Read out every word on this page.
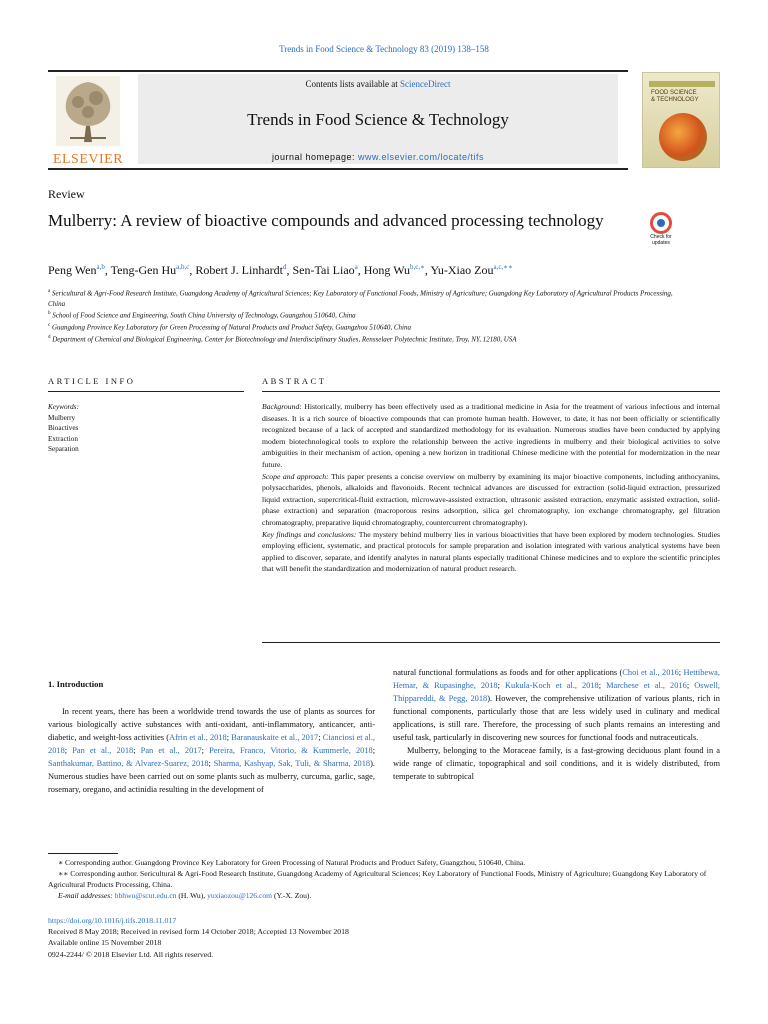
Trends in Food Science & Technology 83 (2019) 138–158
ELSEVIER
Contents lists available at ScienceDirect
Trends in Food Science & Technology
journal homepage: www.elsevier.com/locate/tifs
FOOD SCIENCE
& TECHNOLOGY
Review
Mulberry: A review of bioactive compounds and advanced processing technology
Check for
updates
Peng Wen$^{a,b}$, Teng-Gen Hu$^{a,b,c}$, Robert J. Linhardt$^d$, Sen-Tai Liao$^a$, Hong $Wu^{b,c,∗}$, Yu-Xiao Zou$^{a,c,∗∗}$
$^a$ Sericultural & Agri-Food Research Institute, Guangdong Academy of Agricultural Sciences; Key Laboratory of Functional Foods, Ministry of Agriculture; Guangdong Key Laboratory of Agricultural Products Processing, China
$^b$ School of Food Science and Engineering, South China University of Technology, Guangzhou 510640, China
$^c$ Guangdong Province Key Laboratory for Green Processing of Natural Products and Product Safety, Guangzhou 510640, China
$^d$ Department of Chemical and Biological Engineering, Center for Biotechnology and Interdisciplinary Studies, Rensselaer Polytechnic Institute, Troy, NY, 12180, USA
ARTICLE INFO	ABSTRACT
Keywords:
Mulberry
Bioactives
Extraction
Separation

Background: Historically, mulberry has been effectively used as a traditional medicine in Asia for the treatment of various infectious and internal diseases. It is a rich source of bioactive compounds that can promote human health. However, to date, it has not been officially or scientifically recognized because of a lack of accepted and standardized methodology for its evaluation. Numerous studies have been conducted by applying modern biotechnological tools to explore the relationship between the active ingredients in mulberry and their biological activities to solve ambiguities in their mechanism of action, opening a new horizon in traditional Chinese medicine with the potential for modernization in the near future.

Scope and approach: This paper presents a concise overview on mulberry by examining its major bioactive components, including anthocyanins, polysaccharides, phenols, alkaloids and flavonoids. Recent technical advances are discussed for extraction (solid-liquid extraction, pressurized liquid extraction, supercritical-fluid extraction, microwave-assisted extraction, ultrasonic assisted extraction, enzymatic assisted extraction, solid-phase extraction) and separation (macroporous resins adsorption, silica gel chromatography, ion exchange chromatography, gel filtration chromatography, preparative liquid chromatography, countercurrent chromatography).

Key findings and conclusions: The mystery behind mulberry lies in various bioactivities that have been explored by modern technologies. Studies employing efficient, systematic, and practical protocols for sample preparation and isolation integrated with various analytical systems have been applied to discover, separate, and identify analytes in natural plants especially traditional Chinese medicines and to explore the scientific principles that will benefit the standardization and modernization of natural product research.

1. Introduction

In recent years, there has been a worldwide trend towards the use of plants as sources for various biologically active substances with anti-oxidant, anti-inflammatory, anticancer, anti-diabetic, and weight-loss activities (Afrin et al., 2018; Baranauskaite et al., 2017; Cianciosi et al., 2018; Pan et al., 2018; Pan et al., 2017; Pereira, Franco, Vitorio, & Kummerle, 2018; Santhakumar, Battino, & Alvarez-Suarez, 2018; Sharma, Kashyap, Sak, Tuli, & Sharma, 2018). Numerous studies have been carried out on some plants such as mulberry, curcuma, garlic, sage, rosemary, oregano, and actinidia resulting in the development of

natural functional formulations as foods and for other applications (Choi et al., 2016; Hettibewa, Hemar, & Rupasinghe, 2018; Kukula-Koch et al., 2018; Marchese et al., 2016; Oswell, Thippareddi, & Pegg, 2018). However, the comprehensive utilization of various plants, rich in functional components, particularly those that are less widely used in culinary and medical applications, is still rare. Therefore, the processing of such plants remains an interesting and useful task, particularly in discovering new sources for functional foods and nutraceuticals.

Mulberry, belonging to the Moraceae family, is a fast-growing deciduous plant found in a wide range of climatic, topographical and soil conditions, and it is widely distributed, from temperate to subtropical

∗ Corresponding author. Guangdong Province Key Laboratory for Green Processing of Natural Products and Product Safety, Guangzhou, 510640, China.

∗∗ Corresponding author. Sericultural & Agri-Food Research Institute, Guangdong Academy of Agricultural Sciences; Key Laboratory of Functional Foods, Ministry of Agriculture; Guangdong Key Laboratory of Agricultural Products Processing, China.

E-mail addresses: bbhwu@scut.edu.cn (H. Wu), yuxiaozou@126.com (Y.-X. Zou).

https://doi.org/10.1016/j.tifs.2018.11.017
Received 8 May 2018; Received in revised form 14 October 2018; Accepted 13 November 2018
Available online 15 November 2018
0924-2244/ © 2018 Elsevier Ltd. All rights reserved.
